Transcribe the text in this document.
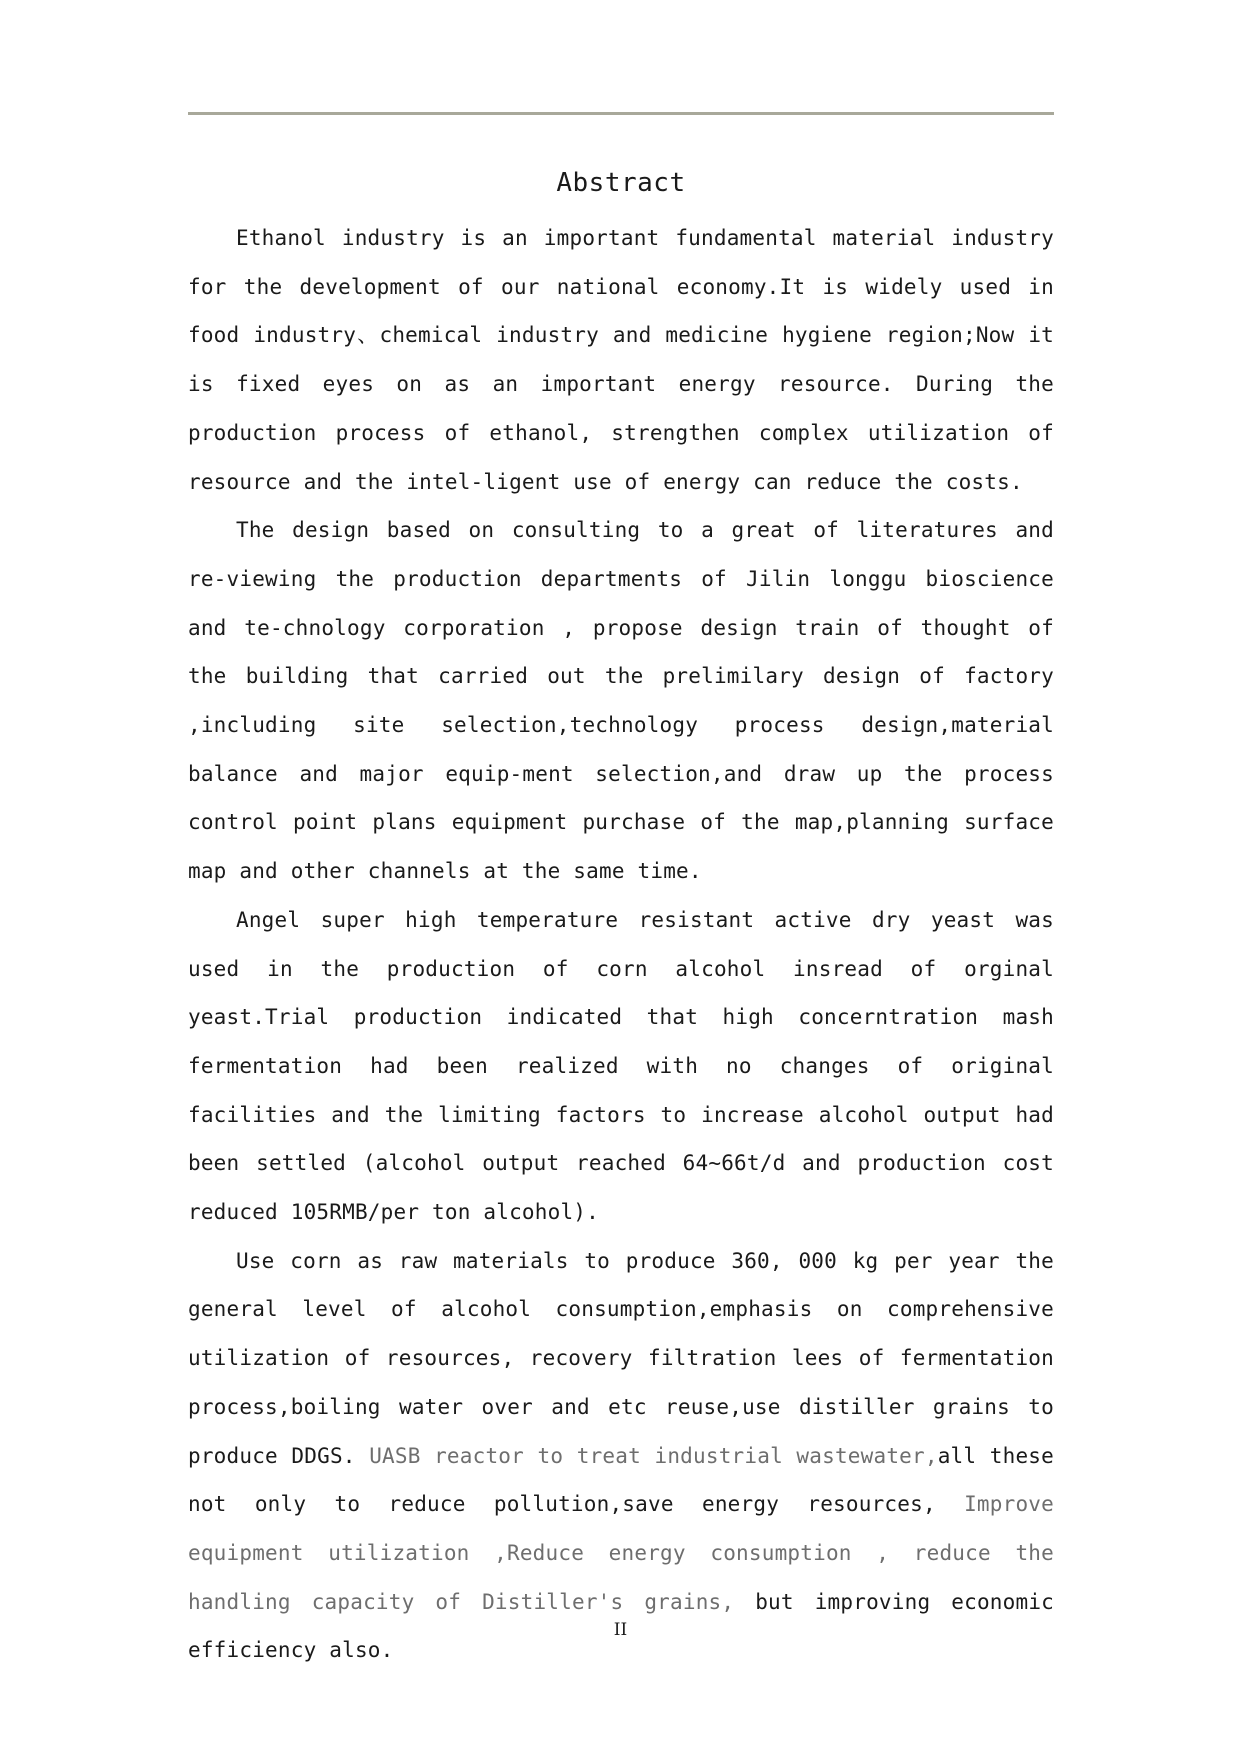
Abstract

Ethanol industry is an important fundamental material industry for the development of our national economy.It is widely used in food industry、chemical industry and medicine hygiene region;Now it is fixed eyes on as an important energy resource. During the production process of ethanol, strengthen complex utilization of resource and the intel-ligent use of energy can reduce the costs.

The design based on consulting to a great of literatures and re-viewing the production departments of Jilin longgu bioscience and te-chnology corporation , propose design train of thought of the building that carried out the prelimilary design of factory ,including site selection,technology process design,material balance and major equip-ment selection,and draw up the process control point plans equipment purchase of the map,planning surface map and other channels at the same time.

Angel super high temperature resistant active dry yeast was used in the production of corn alcohol insread of orginal yeast.Trial production indicated that high concerntration mash fermentation had been realized with no changes of original facilities and the limiting factors to increase alcohol output had been settled (alcohol output reached 64~66t/d and production cost reduced 105RMB/per ton alcohol).

Use corn as raw materials to produce 360, 000 kg per year the general level of alcohol consumption,emphasis on comprehensive utilization of resources, recovery filtration lees of fermentation process,boiling water over and etc reuse,use distiller grains to produce DDGS. UASB reactor to treat industrial wastewater,all these not only to reduce pollution,save energy resources, Improve equipment utilization ,Reduce energy consumption , reduce the handling capacity of Distiller's grains, but improving economic efficiency also.

II
